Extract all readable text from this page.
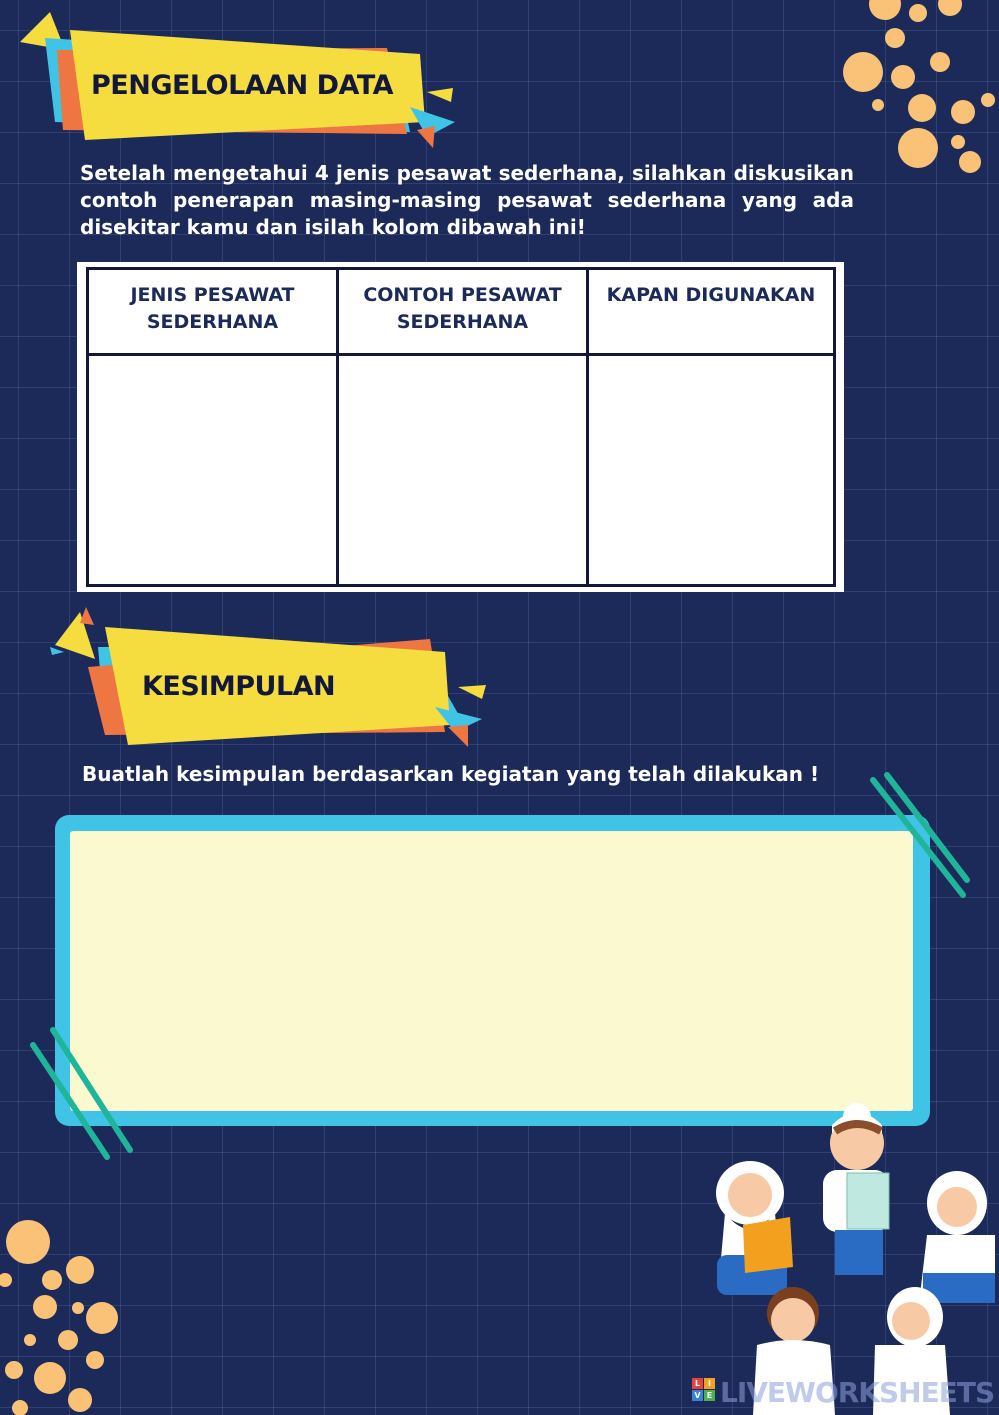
PENGELOLAAN DATA
Setelah mengetahui 4 jenis pesawat sederhana, silahkan diskusikan contoh penerapan masing-masing pesawat sederhana yang ada disekitar kamu dan isilah kolom dibawah ini!
JENIS PESAWAT SEDERHANA	CONTOH PESAWAT SEDERHANA	KAPAN DIGUNAKAN

KESIMPULAN
Buatlah kesimpulan berdasarkan kegiatan yang telah dilakukan !
L I
V E LIVEWORKSHEETS
